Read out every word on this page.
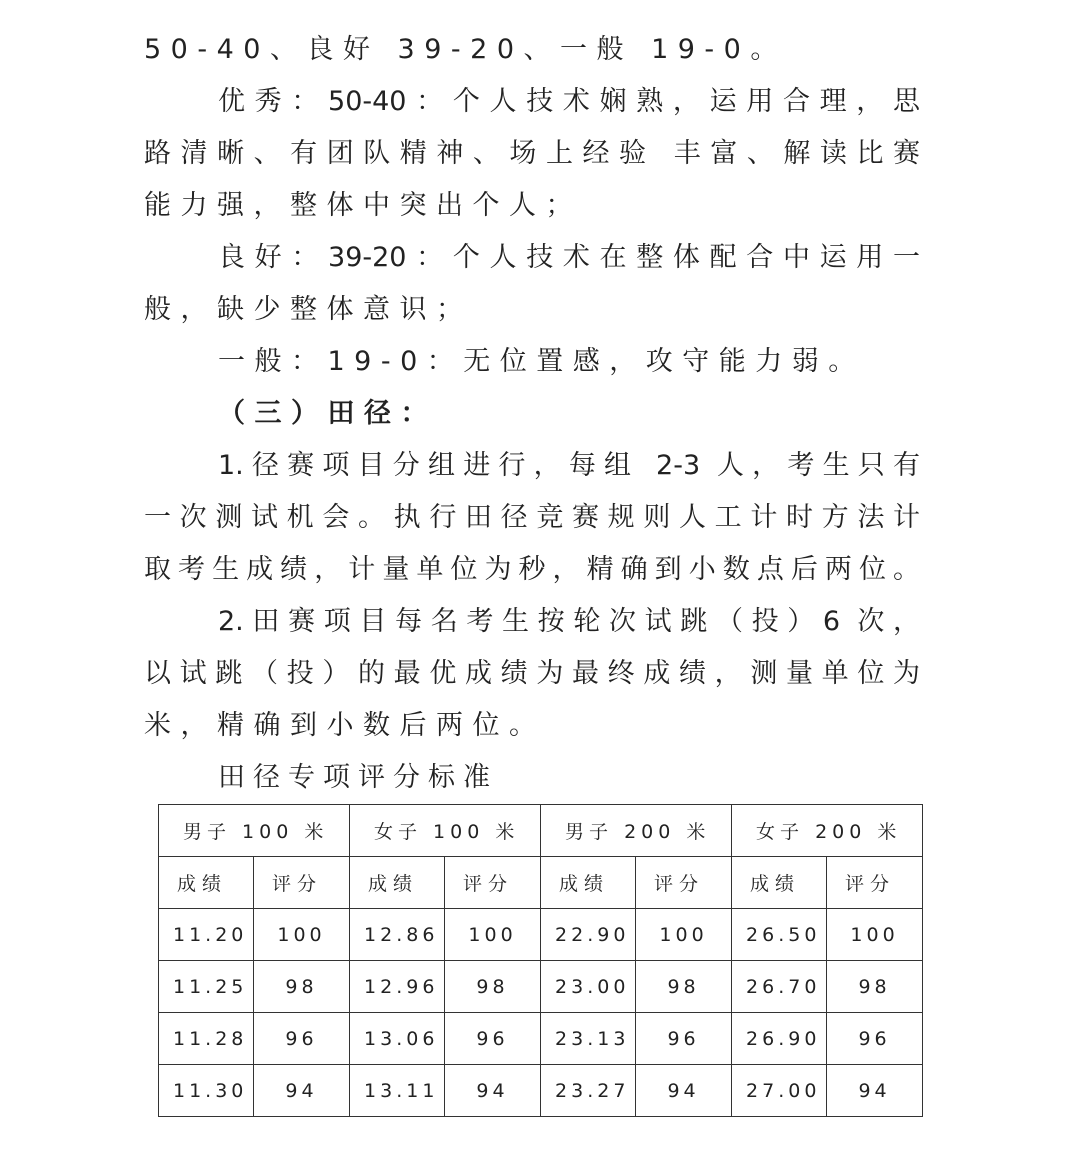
50-40、良好 39-20、一般 19-0。
优秀：50-40：个人技术娴熟，运用合理，思
路清晰、有团队精神、场上经验 丰富、解读比赛
能力强，整体中突出个人；
良好：39-20：个人技术在整体配合中运用一
般，缺少整体意识；
一般：19-0：无位置感，攻守能力弱。
（三）田径：
1.径赛项目分组进行，每组 2-3 人，考生只有
一次测试机会。执行田径竞赛规则人工计时方法计
取考生成绩，计量单位为秒，精确到小数点后两位。
2.田赛项目每名考生按轮次试跳（投）6 次，
以试跳（投）的最优成绩为最终成绩，测量单位为
米，精确到小数后两位。
田径专项评分标准
男子 100 米		女子 100 米		男子 200 米		女子 200 米	
成绩	评分	成绩	评分	成绩	评分	成绩	评分
11.20	100	12.86	100	22.90	100	26.50	100
11.25	98	12.96	98	23.00	98	26.70	98
11.28	96	13.06	96	23.13	96	26.90	96
11.30	94	13.11	94	23.27	94	27.00	94
